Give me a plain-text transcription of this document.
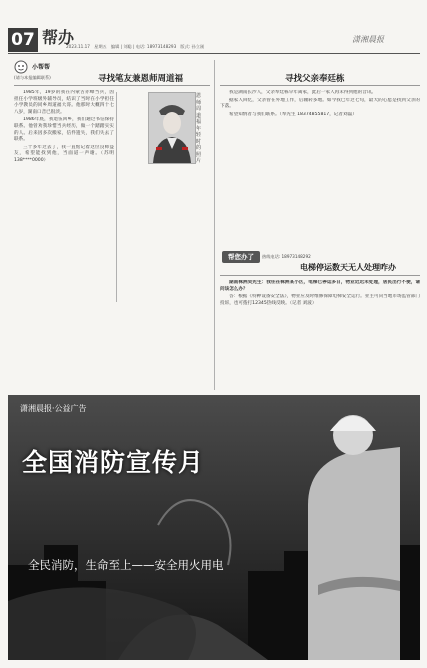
07 帮办
2023.11.17　星期五　编辑 | 刘聪 | 电话: 18973148293　版式: 孙立刚
潇湘晨报
小帮帮
(请与本报编辑联系)	寻找笔友兼恩师周道福

1985年，19岁的我在内蒙古赤峰当兵，因担任小学班级外辅导员，结识了当时在小学担任小学教员的同乡周道福大哥。他那时大概四十七八岁，湖南口音已很淡。

1986年底，我退伍回乡，我们通过书信保持联系。他曾劝我珍惜当兵经历，做一个踏踏实实的人。后来因多次搬家，信件遗失，我们失去了联系。

三十多年过去了，我一直惦记着这位良师益友，希望能找到他，当面道一声谢。（苏明 138****0000）

恩师周道福年轻时的照片
寻找父亲奉廷栋

我是湖南长沙人，父亲奉廷栋早年离家，此后一家人再未得到他的音讯。

据家人回忆，父亲曾在外地工作，后辗转多地。如今我已年过七旬，最大的心愿是找到父亲的下落。

希望知情者与我们联系。（奉先生 18374855817，记者刘磊）

帮您办了	热线电话: 18973148292
电梯停运数天无人处理咋办

湖南株洲吴先生：我住在株洲某小区，电梯已停运多日，物业迟迟未处理，居民出行不便，请问该怎么办？

答：根据《特种设备安全法》，物业应及时维修保障电梯安全运行。业主可向当地市场监管部门投诉，也可拨打12345热线反映。（记者 刘波）

潇湘晨报·公益广告
全国消防宣传月
全民消防，生命至上——安全用火用电
